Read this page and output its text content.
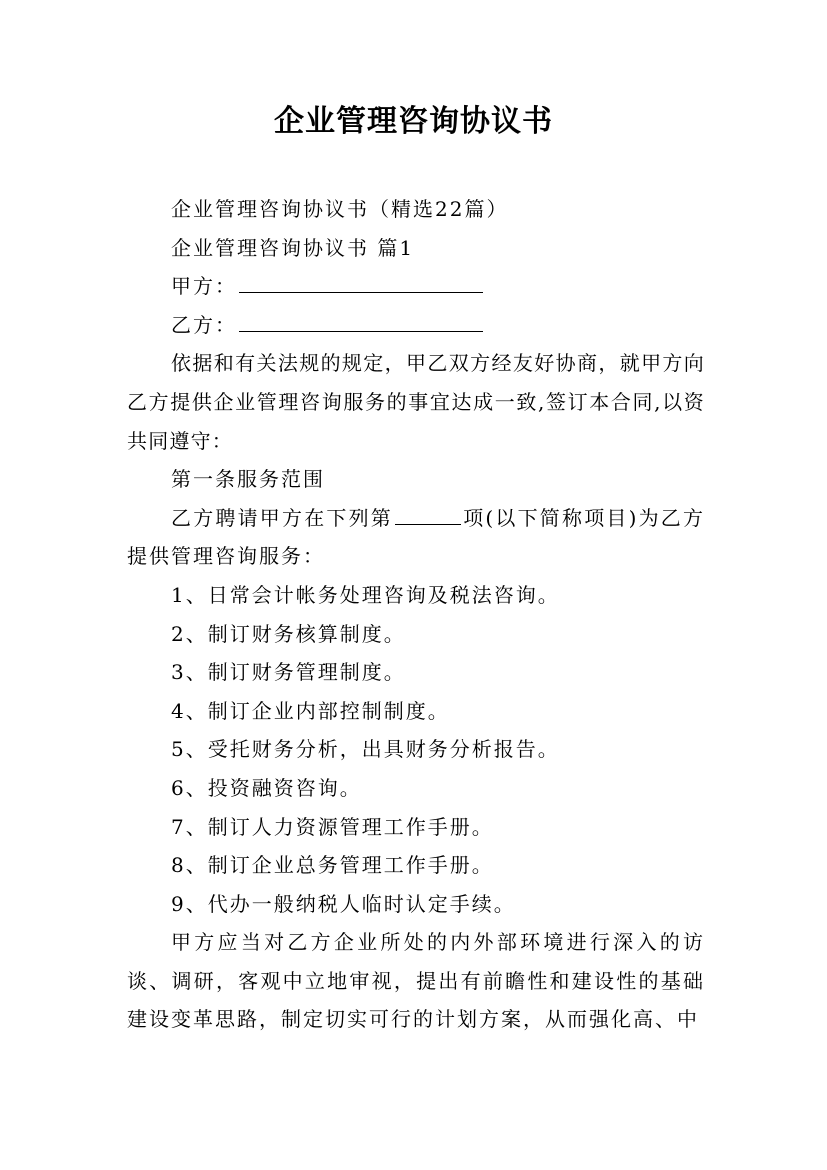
企业管理咨询协议书

企业管理咨询协议书（精选22篇）

企业管理咨询协议书 篇1

甲方：

乙方：

依据和有关法规的规定，甲乙双方经友好协商，就甲方向乙方提供企业管理咨询服务的事宜达成一致,签订本合同,以资共同遵守：

第一条服务范围

乙方聘请甲方在下列第	项(以下简称项目)为乙方提供管理咨询服务：

1、日常会计帐务处理咨询及税法咨询。

2、制订财务核算制度。

3、制订财务管理制度。

4、制订企业内部控制制度。

5、受托财务分析，出具财务分析报告。

6、投资融资咨询。

7、制订人力资源管理工作手册。

8、制订企业总务管理工作手册。

9、代办一般纳税人临时认定手续。

甲方应当对乙方企业所处的内外部环境进行深入的访谈、调研，客观中立地审视，提出有前瞻性和建设性的基础建设变革思路，制定切实可行的计划方案，从而强化高、中
